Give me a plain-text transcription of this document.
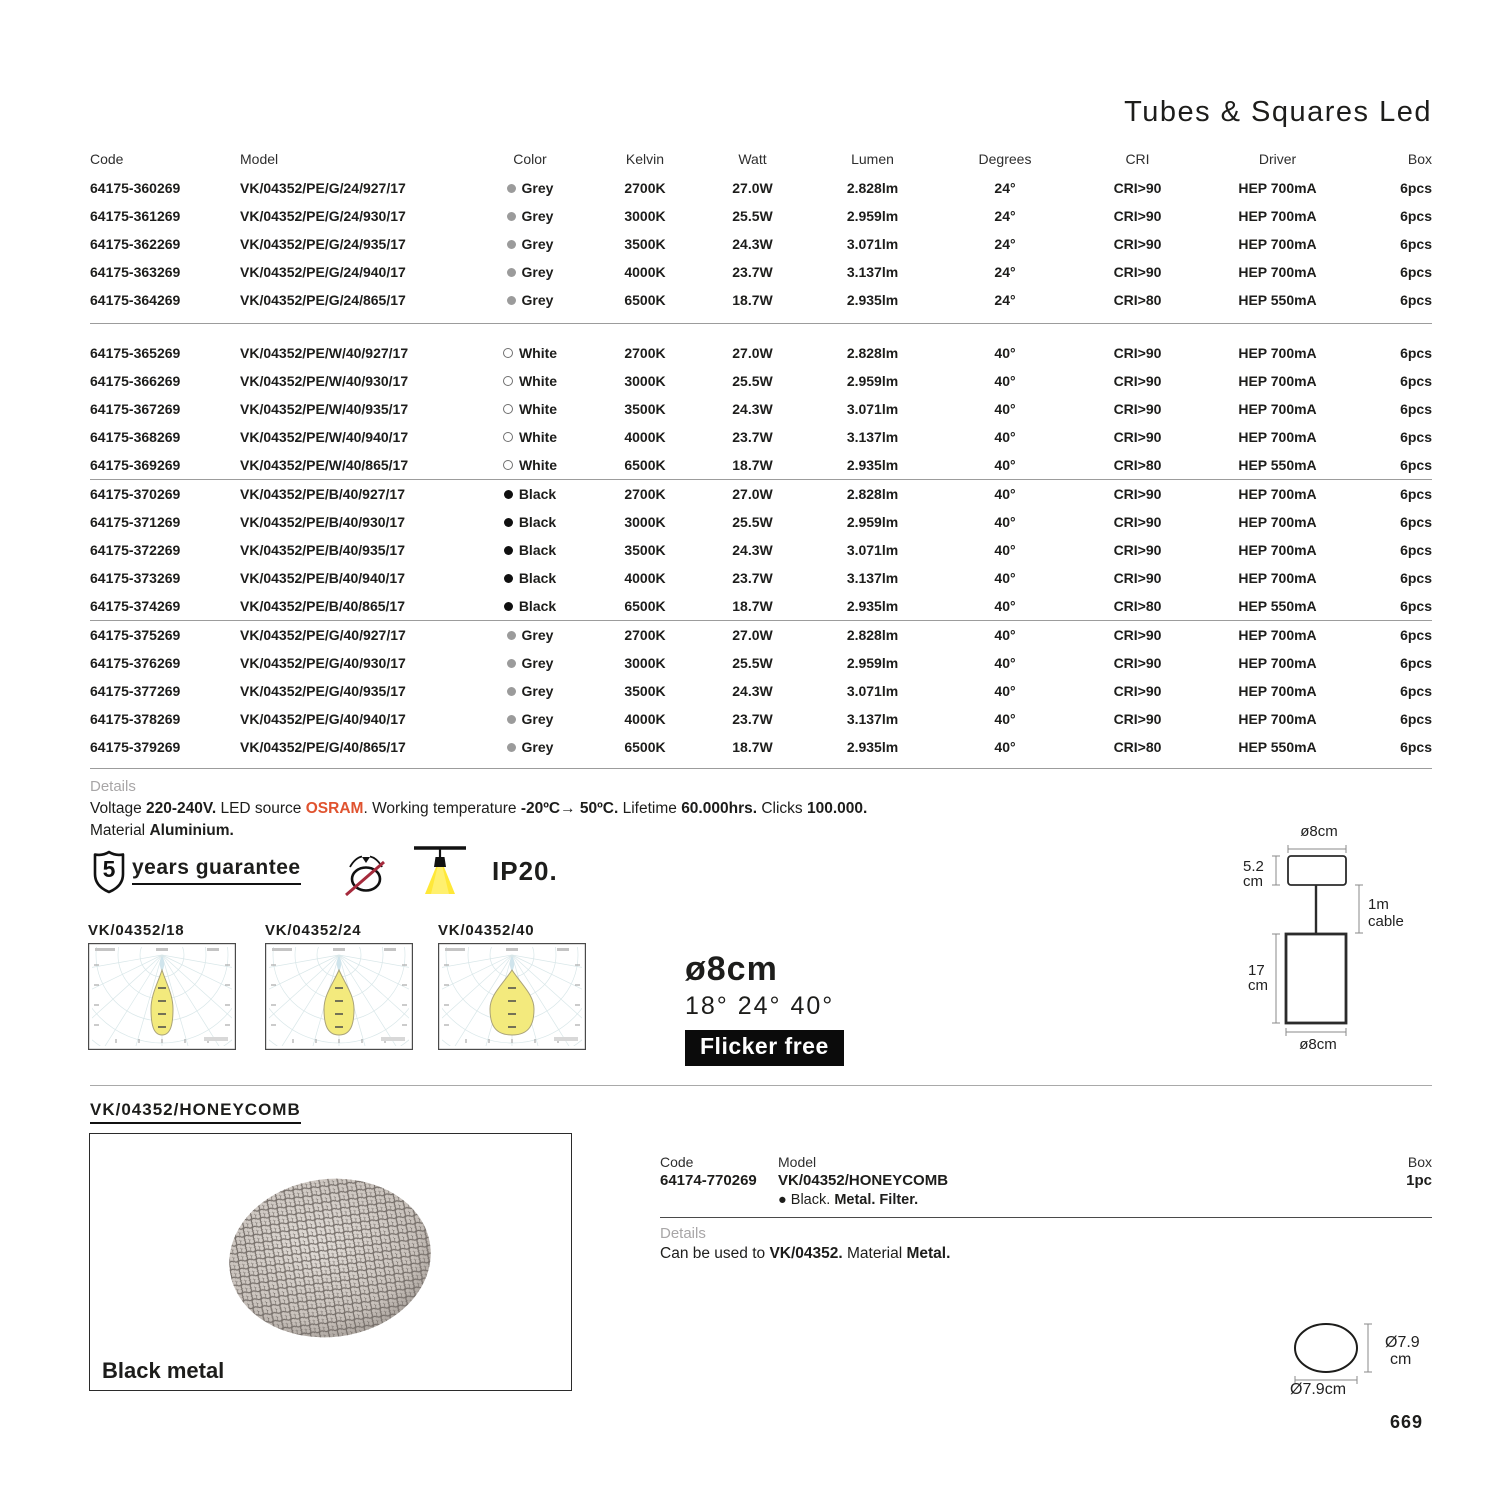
Tubes & Squares Led
Code	Model	Color	Kelvin	Watt	Lumen	Degrees	CRI	Driver	Box
64175-360269	VK/04352/PE/G/24/927/17	Grey	2700K	27.0W	2.828lm	24°	CRI>90	HEP 700mA	6pcs
64175-361269	VK/04352/PE/G/24/930/17	Grey	3000K	25.5W	2.959lm	24°	CRI>90	HEP 700mA	6pcs
64175-362269	VK/04352/PE/G/24/935/17	Grey	3500K	24.3W	3.071lm	24°	CRI>90	HEP 700mA	6pcs
64175-363269	VK/04352/PE/G/24/940/17	Grey	4000K	23.7W	3.137lm	24°	CRI>90	HEP 700mA	6pcs
64175-364269	VK/04352/PE/G/24/865/17	Grey	6500K	18.7W	2.935lm	24°	CRI>80	HEP 550mA	6pcs
64175-365269	VK/04352/PE/W/40/927/17	White	2700K	27.0W	2.828lm	40°	CRI>90	HEP 700mA	6pcs
64175-366269	VK/04352/PE/W/40/930/17	White	3000K	25.5W	2.959lm	40°	CRI>90	HEP 700mA	6pcs
64175-367269	VK/04352/PE/W/40/935/17	White	3500K	24.3W	3.071lm	40°	CRI>90	HEP 700mA	6pcs
64175-368269	VK/04352/PE/W/40/940/17	White	4000K	23.7W	3.137lm	40°	CRI>90	HEP 700mA	6pcs
64175-369269	VK/04352/PE/W/40/865/17	White	6500K	18.7W	2.935lm	40°	CRI>80	HEP 550mA	6pcs
64175-370269	VK/04352/PE/B/40/927/17	Black	2700K	27.0W	2.828lm	40°	CRI>90	HEP 700mA	6pcs
64175-371269	VK/04352/PE/B/40/930/17	Black	3000K	25.5W	2.959lm	40°	CRI>90	HEP 700mA	6pcs
64175-372269	VK/04352/PE/B/40/935/17	Black	3500K	24.3W	3.071lm	40°	CRI>90	HEP 700mA	6pcs
64175-373269	VK/04352/PE/B/40/940/17	Black	4000K	23.7W	3.137lm	40°	CRI>90	HEP 700mA	6pcs
64175-374269	VK/04352/PE/B/40/865/17	Black	6500K	18.7W	2.935lm	40°	CRI>80	HEP 550mA	6pcs
64175-375269	VK/04352/PE/G/40/927/17	Grey	2700K	27.0W	2.828lm	40°	CRI>90	HEP 700mA	6pcs
64175-376269	VK/04352/PE/G/40/930/17	Grey	3000K	25.5W	2.959lm	40°	CRI>90	HEP 700mA	6pcs
64175-377269	VK/04352/PE/G/40/935/17	Grey	3500K	24.3W	3.071lm	40°	CRI>90	HEP 700mA	6pcs
64175-378269	VK/04352/PE/G/40/940/17	Grey	4000K	23.7W	3.137lm	40°	CRI>90	HEP 700mA	6pcs
64175-379269	VK/04352/PE/G/40/865/17	Grey	6500K	18.7W	2.935lm	40°	CRI>80	HEP 550mA	6pcs
Details
Voltage 220-240V. LED source OSRAM. Working temperature -20ºC→ 50ºC. Lifetime 60.000hrs. Clicks 100.000.
Material Aluminium.
5 years guarantee	IP20.
VK/04352/18	VK/04352/24	VK/04352/40
ø8cm
18° 24° 40°
Flicker free
ø8cm
5.2 cm
1m cable
17 cm
ø8cm
VK/04352/HONEYCOMB
Black metal
Code	Model	Box
64174-770269	VK/04352/HONEYCOMB	1pc
● Black. Metal. Filter.
Details
Can be used to VK/04352. Material Metal.
Ø7.9
cm
Ø7.9cm
669
